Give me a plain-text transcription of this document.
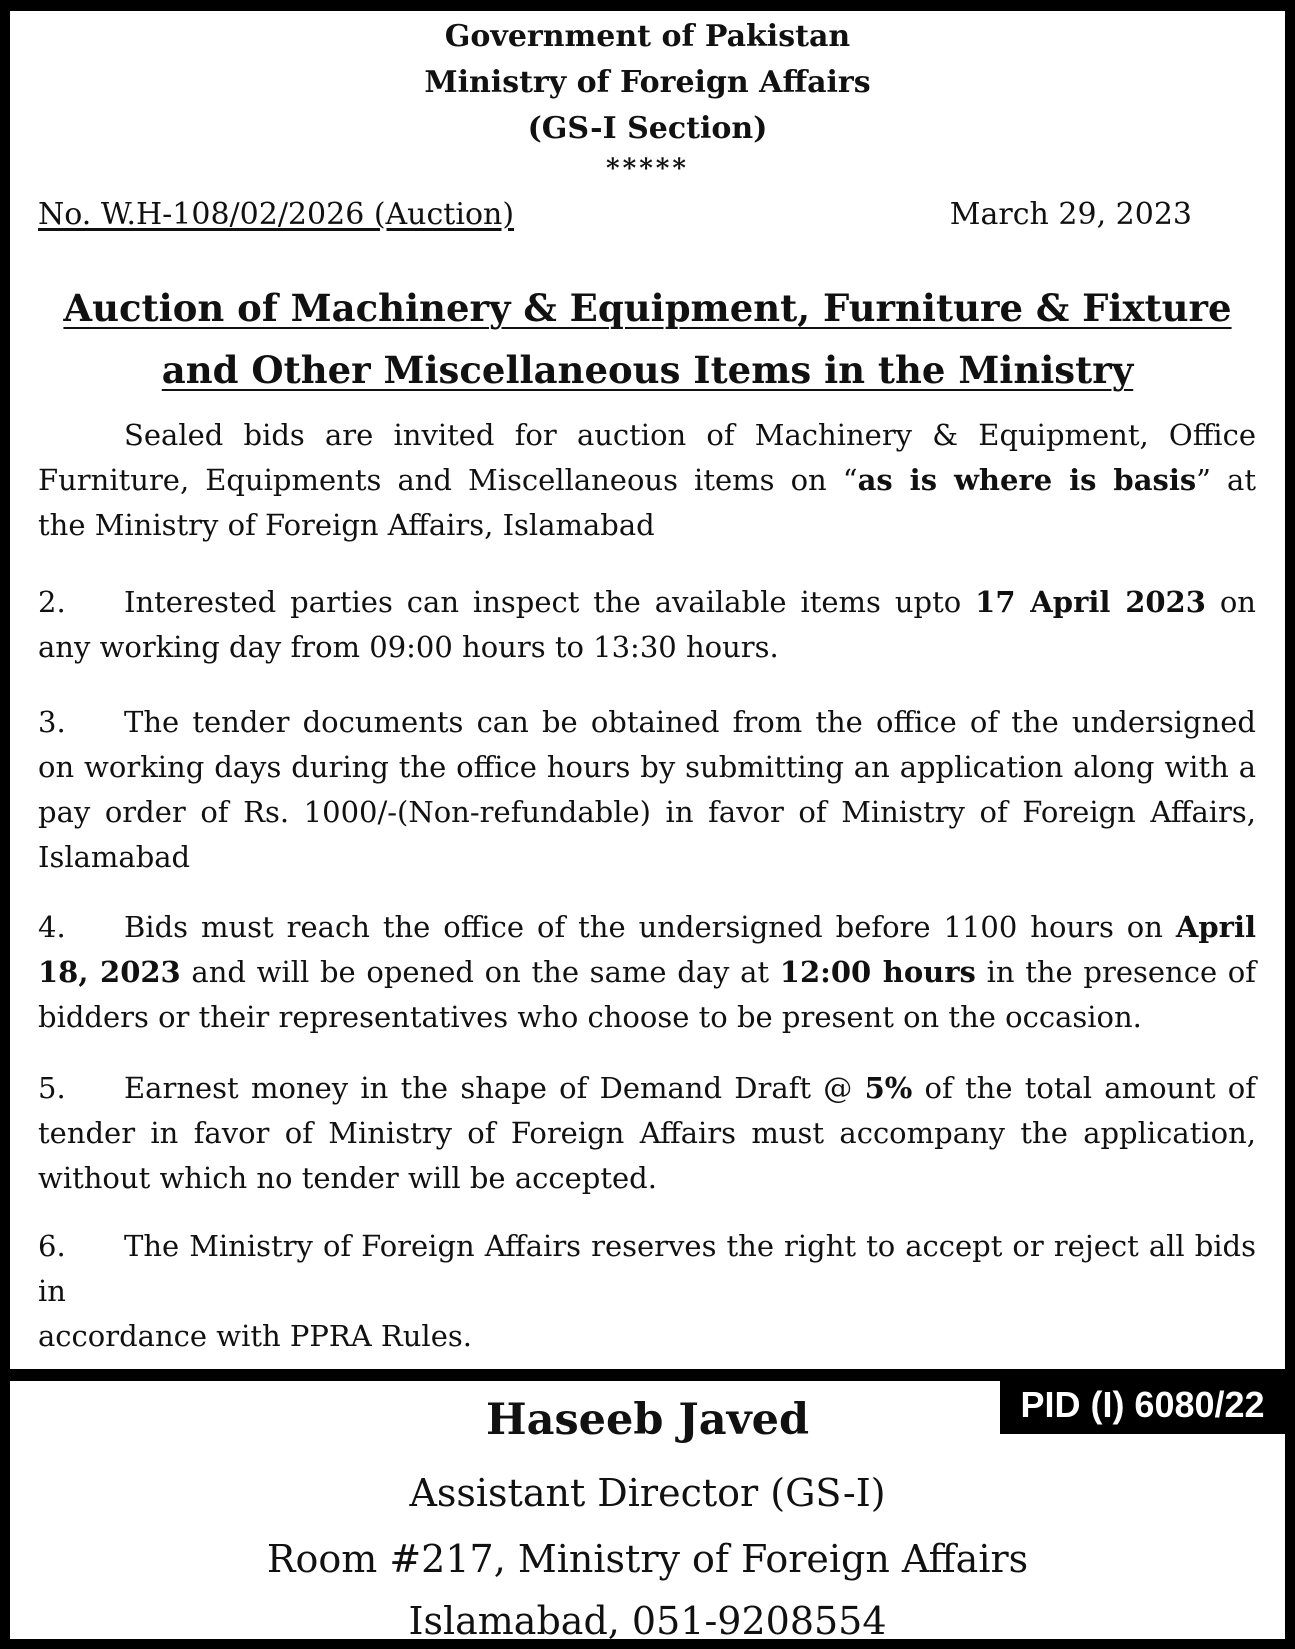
Government of Pakistan
Ministry of Foreign Affairs
(GS-I Section)
*****
No. W.H-108/02/2026 (Auction)	March 29, 2023
Auction of Machinery & Equipment, Furniture & Fixture
and Other Miscellaneous Items in the Ministry
Sealed bids are invited for auction of Machinery & Equipment, Office Furniture, Equipments and Miscellaneous items on “as is where is basis” at
the Ministry of Foreign Affairs, Islamabad
2. Interested parties can inspect the available items upto 17 April 2023 on
any working day from 09:00 hours to 13:30 hours.
3. The tender documents can be obtained from the office of the undersigned on working days during the office hours by submitting an application along with a pay order of Rs. 1000/-(Non-refundable) in favor of Ministry of Foreign Affairs,
Islamabad
4. Bids must reach the office of the undersigned before 1100 hours on April 18, 2023 and will be opened on the same day at 12:00 hours in the presence of
bidders or their representatives who choose to be present on the occasion.
5. Earnest money in the shape of Demand Draft @ 5% of the total amount of tender in favor of Ministry of Foreign Affairs must accompany the application,
without which no tender will be accepted.
6. The Ministry of Foreign Affairs reserves the right to accept or reject all bids in
accordance with PPRA Rules.
Haseeb Javed
Assistant Director (GS-I)
Room #217, Ministry of Foreign Affairs
Islamabad, 051-9208554
PID (I) 6080/22
